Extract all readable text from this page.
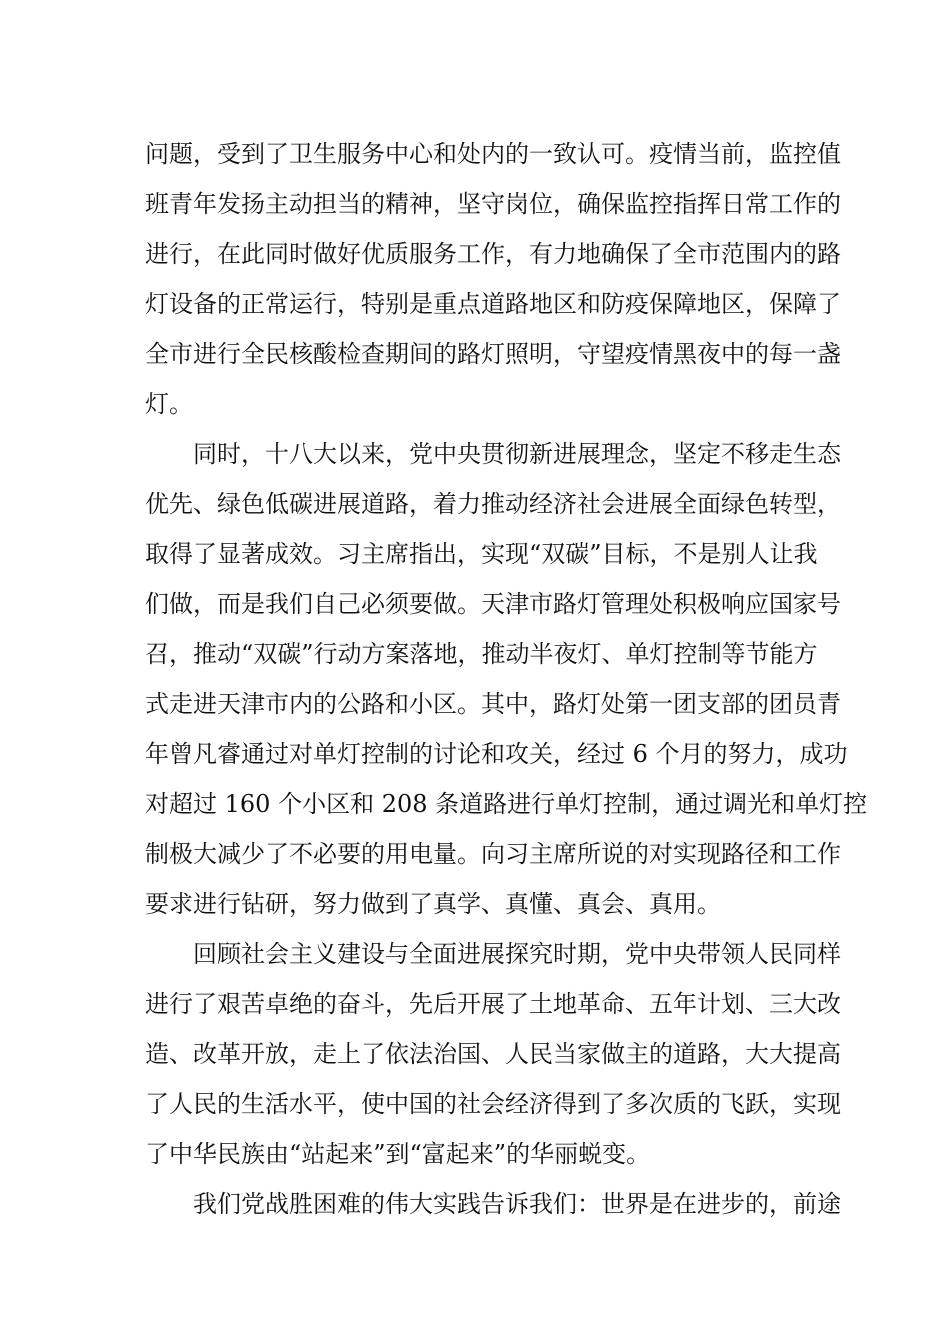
问题，受到了卫生服务中心和处内的一致认可。疫情当前，监控值
班青年发扬主动担当的精神，坚守岗位，确保监控指挥日常工作的
进行，在此同时做好优质服务工作，有力地确保了全市范围内的路
灯设备的正常运行，特别是重点道路地区和防疫保障地区，保障了
全市进行全民核酸检查期间的路灯照明，守望疫情黑夜中的每一盏
灯。
同时，十八大以来，党中央贯彻新进展理念，坚定不移走生态
优先、绿色低碳进展道路，着力推动经济社会进展全面绿色转型，
取得了显著成效。习主席指出，实现“双碳”目标，不是别人让我
们做，而是我们自己必须要做。天津市路灯管理处积极响应国家号
召，推动“双碳”行动方案落地，推动半夜灯、单灯控制等节能方
式走进天津市内的公路和小区。其中，路灯处第一团支部的团员青
年曾凡睿通过对单灯控制的讨论和攻关，经过 6 个月的努力，成功
对超过 160 个小区和 208 条道路进行单灯控制，通过调光和单灯控
制极大减少了不必要的用电量。向习主席所说的对实现路径和工作
要求进行钻研，努力做到了真学、真懂、真会、真用。
回顾社会主义建设与全面进展探究时期，党中央带领人民同样
进行了艰苦卓绝的奋斗，先后开展了土地革命、五年计划、三大改
造、改革开放，走上了依法治国、人民当家做主的道路，大大提高
了人民的生活水平，使中国的社会经济得到了多次质的飞跃，实现
了中华民族由“站起来”到“富起来”的华丽蜕变。
我们党战胜困难的伟大实践告诉我们：世界是在进步的，前途
